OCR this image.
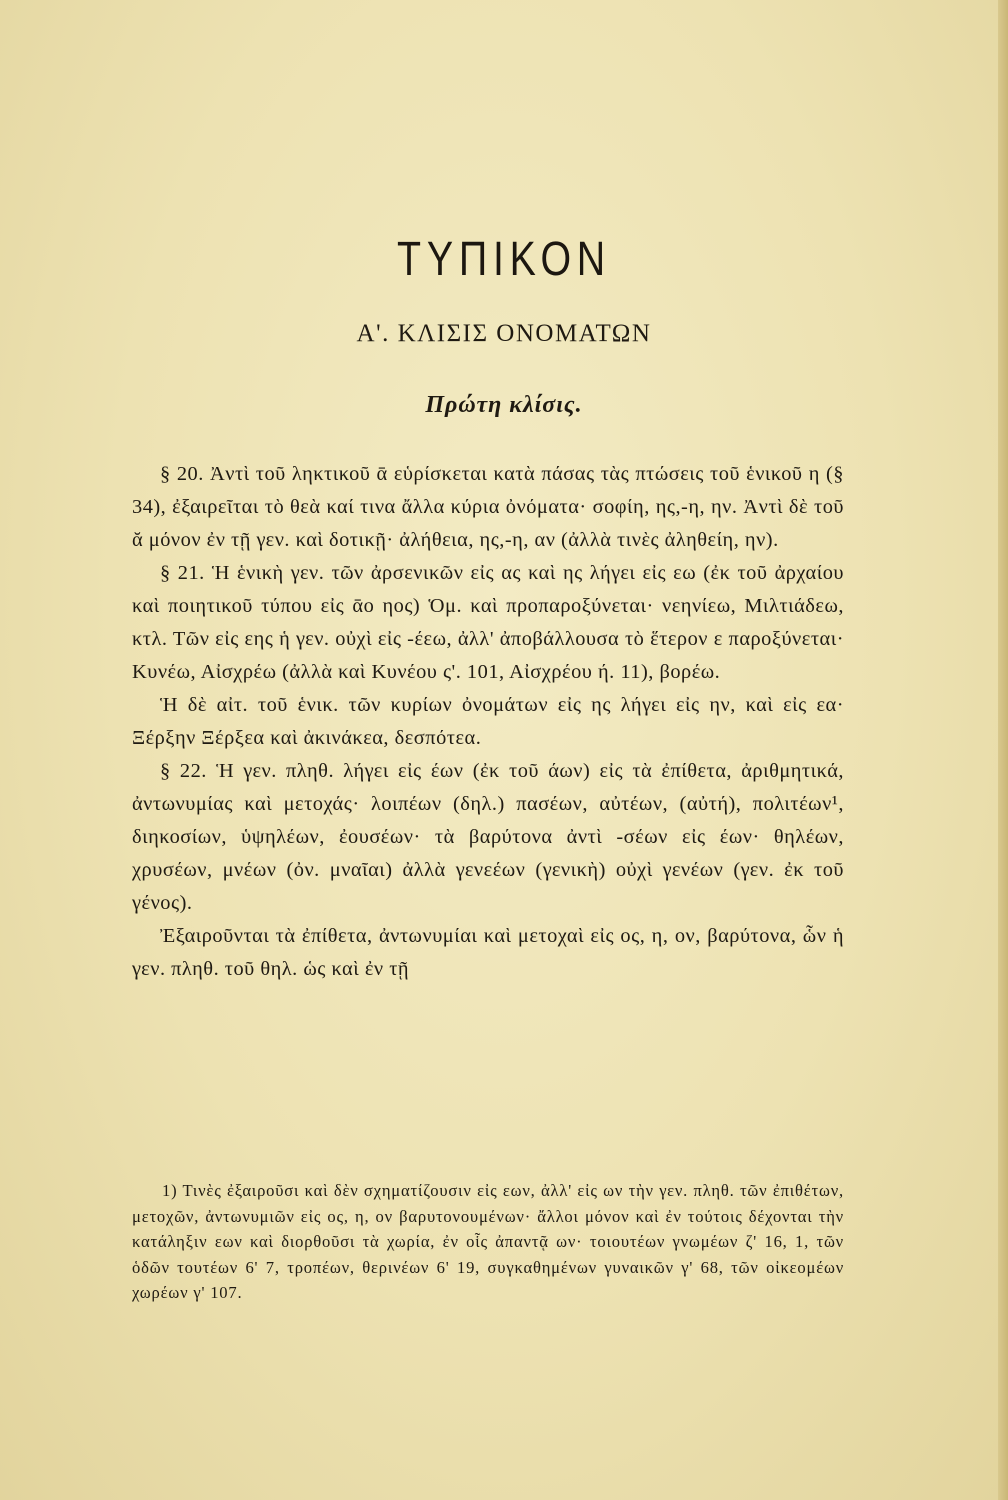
ΤΥΠΙΚΟΝ
Α'. ΚΛΙΣΙΣ ΟΝΟΜΑΤΩΝ
Πρώτη κλίσις.

§ 20. Ἀντὶ τοῦ ληκτικοῦ ᾱ εὑρίσκεται κατὰ πάσας τὰς πτώσεις τοῦ ἑνικοῦ η (§ 34), ἐξαιρεῖται τὸ θεὰ καί τινα ἄλλα κύρια ὀνόματα· σοφίη, ης,-η, ην. Ἀντὶ δὲ τοῦ ᾰ μόνον ἐν τῇ γεν. καὶ δοτικῇ· ἀλήθεια, ης,-η, αν (ἀλλὰ τινὲς ἀληθείη, ην).

§ 21. Ἡ ἑνικὴ γεν. τῶν ἀρσενικῶν εἰς ας καὶ ης λήγει εἰς εω (ἐκ τοῦ ἀρχαίου καὶ ποιητικοῦ τύπου εἰς ᾱο ηος) Ὁμ. καὶ προπαροξύνεται· νεηνίεω, Μιλτιάδεω, κτλ. Τῶν εἰς εης ἡ γεν. οὐχὶ εἰς -έεω, ἀλλ' ἀποβάλλουσα τὸ ἕτερον ε παροξύνεται· Κυνέω, Αἰσχρέω (ἀλλὰ καὶ Κυνέου ς'. 101, Αἰσχρέου ή. 11), βορέω.

Ἡ δὲ αἰτ. τοῦ ἑνικ. τῶν κυρίων ὀνομάτων εἰς ης λήγει εἰς ην, καὶ εἰς εα· Ξέρξην Ξέρξεα καὶ ἀκινάκεα, δεσπότεα.

§ 22. Ἡ γεν. πληθ. λήγει εἰς έων (ἐκ τοῦ άων) εἰς τὰ ἐπίθετα, ἀριθμητικά, ἀντωνυμίας καὶ μετοχάς· λοιπέων (δηλ.) πασέων, αὐτέων, (αὐτή), πολιτέων¹, διηκοσίων, ὑψηλέων, ἐουσέων· τὰ βαρύτονα ἀντὶ -σέων εἰς έων· θηλέων, χρυσέων, μνέων (ὀν. μναῖαι) ἀλλὰ γενεέων (γενικὴ) οὐχὶ γενέων (γεν. ἐκ τοῦ γένος).

Ἐξαιροῦνται τὰ ἐπίθετα, ἀντωνυμίαι καὶ μετοχαὶ εἰς ος, η, ον, βαρύτονα, ὧν ἡ γεν. πληθ. τοῦ θηλ. ὡς καὶ ἐν τῇ

1) Τινὲς ἐξαιροῦσι καὶ δὲν σχηματίζουσιν εἰς εων, ἀλλ' εἰς ων τὴν γεν. πληθ. τῶν ἐπιθέτων, μετοχῶν, ἀντωνυμιῶν εἰς ος, η, ον βαρυτονουμένων· ἄλλοι μόνον καὶ ἐν τούτοις δέχονται τὴν κατάληξιν εων καὶ διορθοῦσι τὰ χωρία, ἐν οἷς ἀπαντᾷ ων· τοιουτέων γνωμέων ζ' 16, 1, τῶν ὁδῶν τουτέων 6' 7, τροπέων, θερινέων 6' 19, συγκαθημένων γυναικῶν γ' 68, τῶν οἰκεομέων χωρέων γ' 107.
